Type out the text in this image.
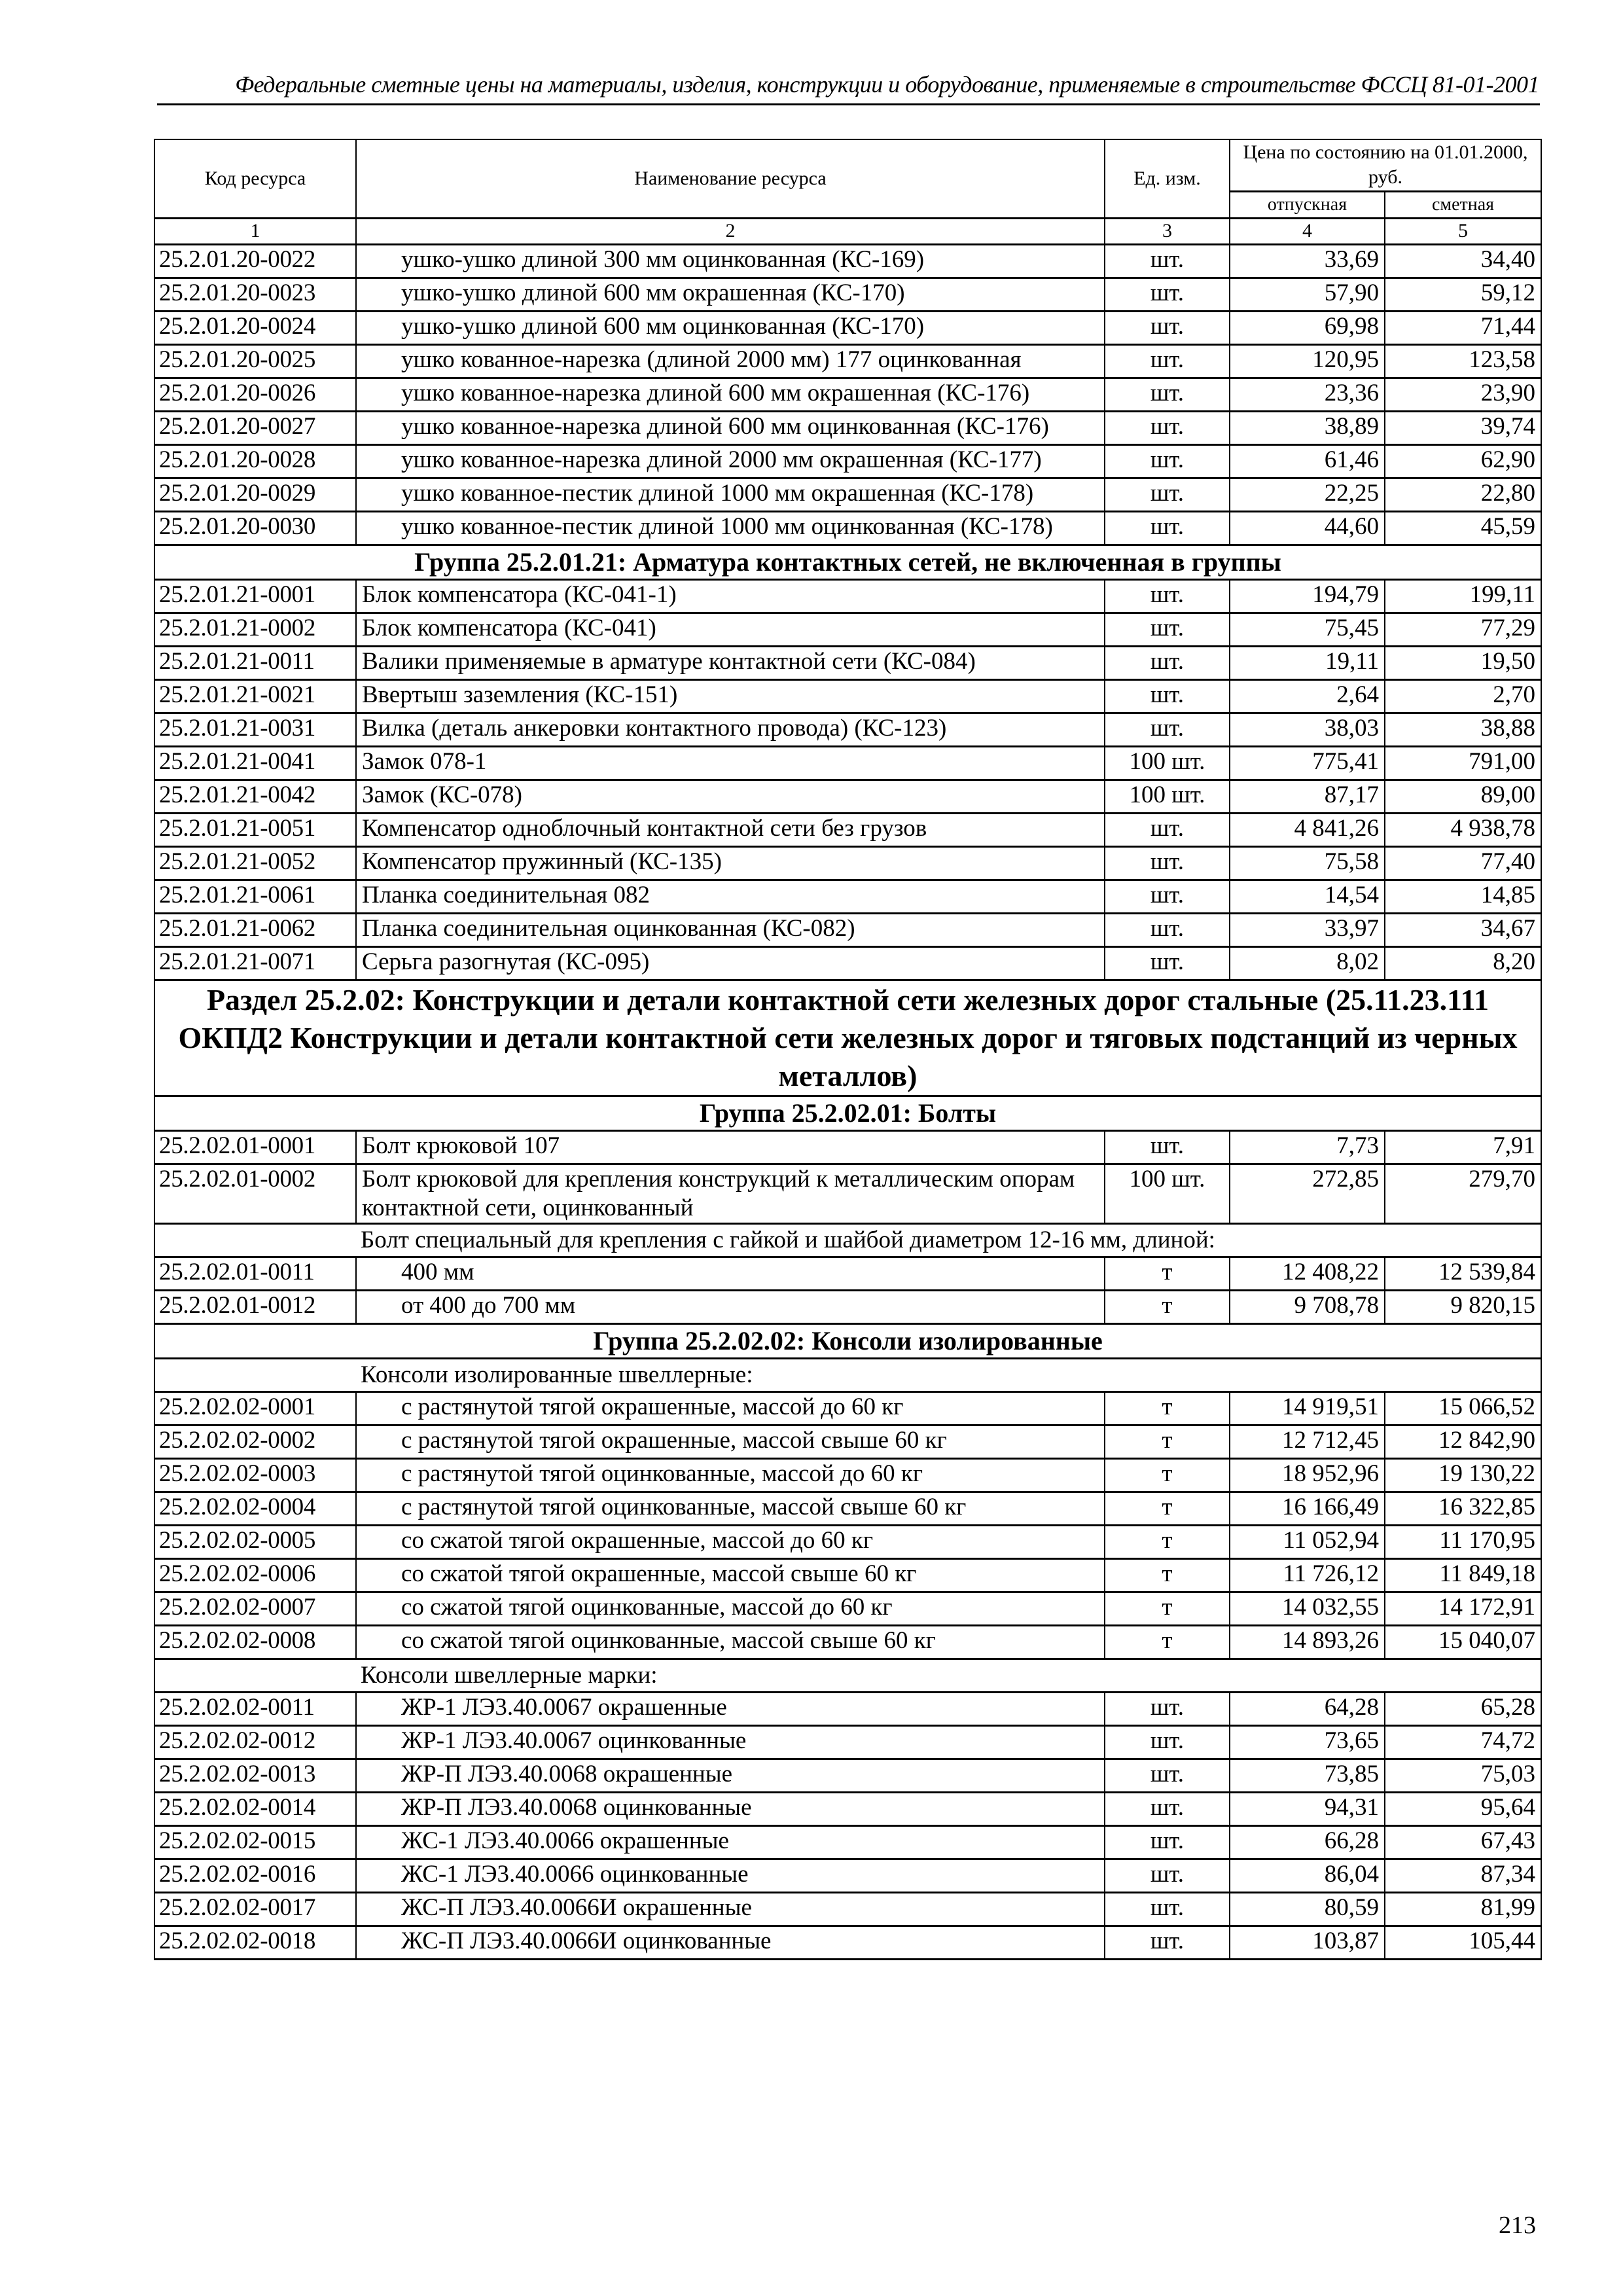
Федеральные сметные цены на материалы, изделия, конструкции и оборудование, применяемые в строительстве ФССЦ 81-01-2001
Код ресурса	Наименование ресурса	Ед. изм.	Цена по состоянию на 01.01.2000, руб.	
			отпускная	сметная
1	2	3	4	5
25.2.01.20-0022	ушко-ушко длиной 300 мм оцинкованная (КС-169)	шт.	33,69	34,40
25.2.01.20-0023	ушко-ушко длиной 600 мм окрашенная (КС-170)	шт.	57,90	59,12
25.2.01.20-0024	ушко-ушко длиной 600 мм оцинкованная (КС-170)	шт.	69,98	71,44
25.2.01.20-0025	ушко кованное-нарезка (длиной 2000 мм) 177 оцинкованная	шт.	120,95	123,58
25.2.01.20-0026	ушко кованное-нарезка длиной 600 мм окрашенная (КС-176)	шт.	23,36	23,90
25.2.01.20-0027	ушко кованное-нарезка длиной 600 мм оцинкованная (КС-176)	шт.	38,89	39,74
25.2.01.20-0028	ушко кованное-нарезка длиной 2000 мм окрашенная (КС-177)	шт.	61,46	62,90
25.2.01.20-0029	ушко кованное-пестик длиной 1000 мм окрашенная (КС-178)	шт.	22,25	22,80
25.2.01.20-0030	ушко кованное-пестик длиной 1000 мм оцинкованная (КС-178)	шт.	44,60	45,59
Группа 25.2.01.21: Арматура контактных сетей, не включенная в группы				
25.2.01.21-0001	Блок компенсатора (КС-041-1)	шт.	194,79	199,11
25.2.01.21-0002	Блок компенсатора (КС-041)	шт.	75,45	77,29
25.2.01.21-0011	Валики применяемые в арматуре контактной сети (КС-084)	шт.	19,11	19,50
25.2.01.21-0021	Ввертыш заземления (КС-151)	шт.	2,64	2,70
25.2.01.21-0031	Вилка (деталь анкеровки контактного провода) (КС-123)	шт.	38,03	38,88
25.2.01.21-0041	Замок 078-1	100 шт.	775,41	791,00
25.2.01.21-0042	Замок (КС-078)	100 шт.	87,17	89,00
25.2.01.21-0051	Компенсатор одноблочный контактной сети без грузов	шт.	4 841,26	4 938,78
25.2.01.21-0052	Компенсатор пружинный (КС-135)	шт.	75,58	77,40
25.2.01.21-0061	Планка соединительная 082	шт.	14,54	14,85
25.2.01.21-0062	Планка соединительная оцинкованная (КС-082)	шт.	33,97	34,67
25.2.01.21-0071	Серьга разогнутая (КС-095)	шт.	8,02	8,20
Раздел 25.2.02: Конструкции и детали контактной сети железных дорог стальные (25.11.23.111 ОКПД2 Конструкции и детали контактной сети железных дорог и тяговых подстанций из черных металлов)				
Группа 25.2.02.01: Болты				
25.2.02.01-0001	Болт крюковой 107	шт.	7,73	7,91
25.2.02.01-0002	Болт крюковой для крепления конструкций к металлическим опорам контактной сети, оцинкованный	100 шт.	272,85	279,70
Болт специальный для крепления с гайкой и шайбой диаметром 12-16 мм, длиной:				
25.2.02.01-0011	400 мм	т	12 408,22	12 539,84
25.2.02.01-0012	от 400 до 700 мм	т	9 708,78	9 820,15
Группа 25.2.02.02: Консоли изолированные				
Консоли изолированные швеллерные:				
25.2.02.02-0001	с растянутой тягой окрашенные, массой до 60 кг	т	14 919,51	15 066,52
25.2.02.02-0002	с растянутой тягой окрашенные, массой свыше 60 кг	т	12 712,45	12 842,90
25.2.02.02-0003	с растянутой тягой оцинкованные, массой до 60 кг	т	18 952,96	19 130,22
25.2.02.02-0004	с растянутой тягой оцинкованные, массой свыше 60 кг	т	16 166,49	16 322,85
25.2.02.02-0005	со сжатой тягой окрашенные, массой до 60 кг	т	11 052,94	11 170,95
25.2.02.02-0006	со сжатой тягой окрашенные, массой свыше 60 кг	т	11 726,12	11 849,18
25.2.02.02-0007	со сжатой тягой оцинкованные, массой до 60 кг	т	14 032,55	14 172,91
25.2.02.02-0008	со сжатой тягой оцинкованные, массой свыше 60 кг	т	14 893,26	15 040,07
Консоли швеллерные марки:				
25.2.02.02-0011	ЖР-1 ЛЭ3.40.0067 окрашенные	шт.	64,28	65,28
25.2.02.02-0012	ЖР-1 ЛЭ3.40.0067 оцинкованные	шт.	73,65	74,72
25.2.02.02-0013	ЖР-П ЛЭ3.40.0068 окрашенные	шт.	73,85	75,03
25.2.02.02-0014	ЖР-П ЛЭ3.40.0068 оцинкованные	шт.	94,31	95,64
25.2.02.02-0015	ЖС-1 ЛЭ3.40.0066 окрашенные	шт.	66,28	67,43
25.2.02.02-0016	ЖС-1 ЛЭ3.40.0066 оцинкованные	шт.	86,04	87,34
25.2.02.02-0017	ЖС-П ЛЭ3.40.0066И окрашенные	шт.	80,59	81,99
25.2.02.02-0018	ЖС-П ЛЭ3.40.0066И оцинкованные	шт.	103,87	105,44
213
